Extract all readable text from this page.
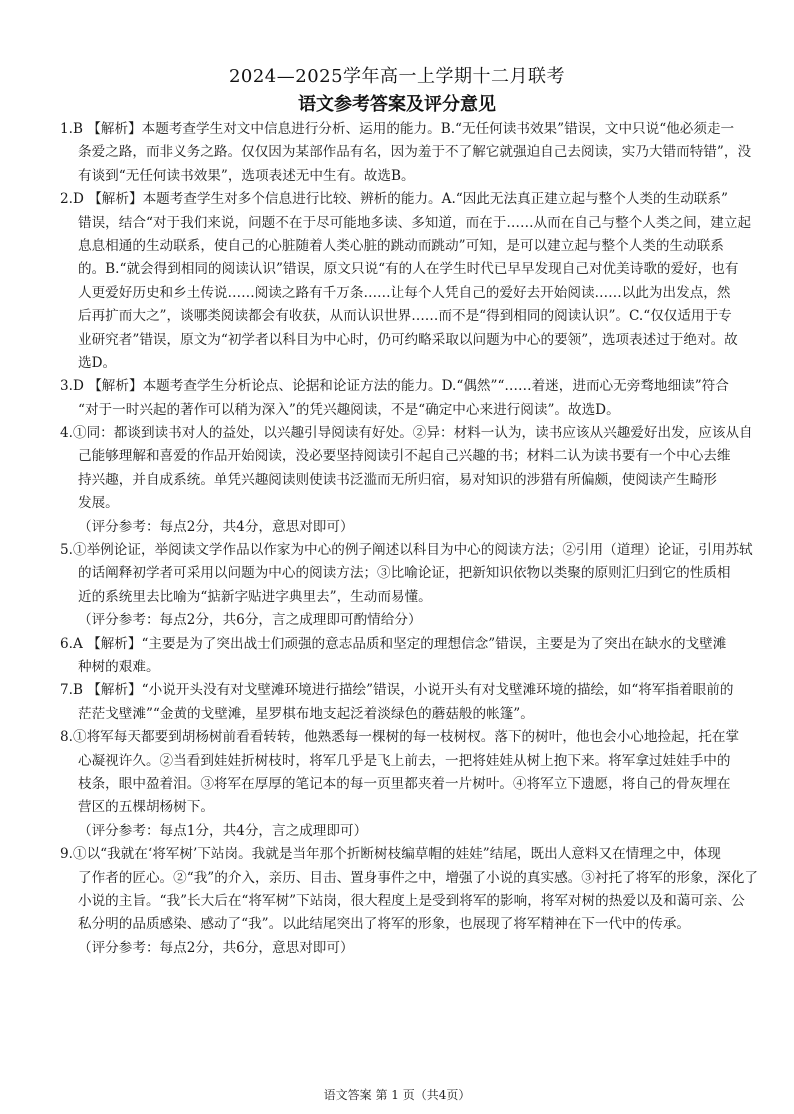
2024—2025学年高一上学期十二月联考
语文参考答案及评分意见
1.B 【解析】本题考查学生对文中信息进行分析、运用的能力。B.“无任何读书效果”错误，文中只说“他必须走一
条爱之路，而非义务之路。仅仅因为某部作品有名，因为羞于不了解它就强迫自己去阅读，实乃大错而特错”，没
有谈到“无任何读书效果”，选项表述无中生有。故选B。
2.D 【解析】本题考查学生对多个信息进行比较、辨析的能力。A.“因此无法真正建立起与整个人类的生动联系”
错误，结合“对于我们来说，问题不在于尽可能地多读、多知道，而在于……从而在自己与整个人类之间，建立起
息息相通的生动联系，使自己的心脏随着人类心脏的跳动而跳动”可知，是可以建立起与整个人类的生动联系
的。B.“就会得到相同的阅读认识”错误，原文只说“有的人在学生时代已早早发现自己对优美诗歌的爱好，也有
人更爱好历史和乡土传说……阅读之路有千万条……让每个人凭自己的爱好去开始阅读……以此为出发点，然
后再扩而大之”，谈哪类阅读都会有收获，从而认识世界……而不是“得到相同的阅读认识”。C.“仅仅适用于专
业研究者”错误，原文为“初学者以科目为中心时，仍可约略采取以问题为中心的要领”，选项表述过于绝对。故
选D。
3.D 【解析】本题考查学生分析论点、论据和论证方法的能力。D.“偶然”“……着迷，进而心无旁骛地细读”符合
“对于一时兴起的著作可以稍为深入”的凭兴趣阅读，不是“确定中心来进行阅读”。故选D。
4.①同：都谈到读书对人的益处，以兴趣引导阅读有好处。②异：材料一认为，读书应该从兴趣爱好出发，应该从自
己能够理解和喜爱的作品开始阅读，没必要坚持阅读引不起自己兴趣的书；材料二认为读书要有一个中心去维
持兴趣，并自成系统。单凭兴趣阅读则使读书泛滥而无所归宿，易对知识的涉猎有所偏颇，使阅读产生畸形
发展。
（评分参考：每点2分，共4分，意思对即可）
5.①举例论证，举阅读文学作品以作家为中心的例子阐述以科目为中心的阅读方法；②引用（道理）论证，引用苏轼
的话阐释初学者可采用以问题为中心的阅读方法；③比喻论证，把新知识依物以类聚的原则汇归到它的性质相
近的系统里去比喻为“掂新字贴进字典里去”，生动而易懂。
（评分参考：每点2分，共6分，言之成理即可酌情给分）
6.A 【解析】“主要是为了突出战士们顽强的意志品质和坚定的理想信念”错误，主要是为了突出在缺水的戈壁滩
种树的艰难。
7.B 【解析】“小说开头没有对戈壁滩环境进行描绘”错误，小说开头有对戈壁滩环境的描绘，如“将军指着眼前的
茫茫戈壁滩”“金黄的戈壁滩，星罗棋布地支起泛着淡绿色的蘑菇般的帐篷”。
8.①将军每天都要到胡杨树前看看转转，他熟悉每一棵树的每一枝树杈。落下的树叶，他也会小心地捡起，托在掌
心凝视许久。②当看到娃娃折树枝时，将军几乎是飞上前去，一把将娃娃从树上抱下来。将军拿过娃娃手中的
枝条，眼中盈着泪。③将军在厚厚的笔记本的每一页里都夹着一片树叶。④将军立下遗愿，将自己的骨灰埋在
营区的五棵胡杨树下。
（评分参考：每点1分，共4分，言之成理即可）
9.①以“我就在‘将军树’下站岗。我就是当年那个折断树枝编草帽的娃娃”结尾，既出人意料又在情理之中，体现
了作者的匠心。②“我”的介入，亲历、目击、置身事件之中，增强了小说的真实感。③衬托了将军的形象，深化了
小说的主旨。“我”长大后在“将军树”下站岗，很大程度上是受到将军的影响，将军对树的热爱以及和蔼可亲、公
私分明的品质感染、感动了“我”。以此结尾突出了将军的形象，也展现了将军精神在下一代中的传承。
（评分参考：每点2分，共6分，意思对即可）
语文答案 第 1 页（共4页）
